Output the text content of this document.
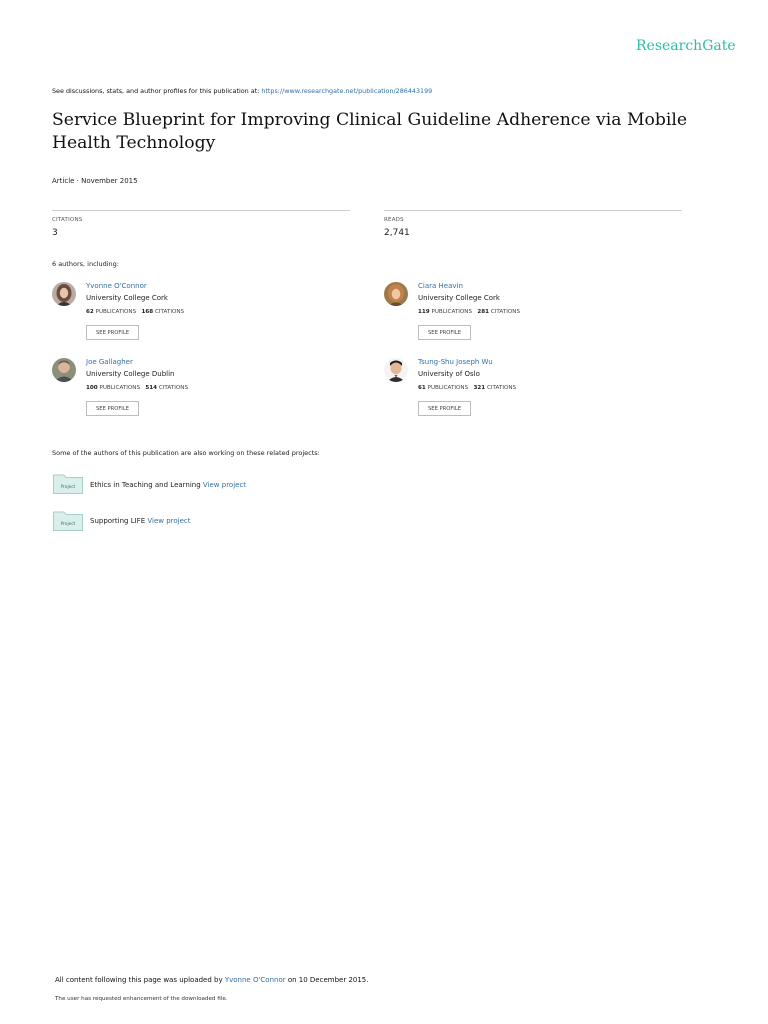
ResearchGate
See discussions, stats, and author profiles for this publication at: https://www.researchgate.net/publication/286443199
Service Blueprint for Improving Clinical Guideline Adherence via Mobile Health Technology
Article · November 2015
CITATIONS
3
READS
2,741
6 authors, including:
Yvonne O'Connor
University College Cork
62 PUBLICATIONS 168 CITATIONS
SEE PROFILE
Ciara Heavin
University College Cork
119 PUBLICATIONS 281 CITATIONS
SEE PROFILE
Joe Gallagher
University College Dublin
100 PUBLICATIONS 514 CITATIONS
SEE PROFILE
Tsung-Shu Joseph Wu
University of Oslo
61 PUBLICATIONS 321 CITATIONS
SEE PROFILE
Some of the authors of this publication are also working on these related projects:
Project Ethics in Teaching and Learning View project
Project Supporting LIFE View project
All content following this page was uploaded by Yvonne O'Connor on 10 December 2015.
The user has requested enhancement of the downloaded file.
